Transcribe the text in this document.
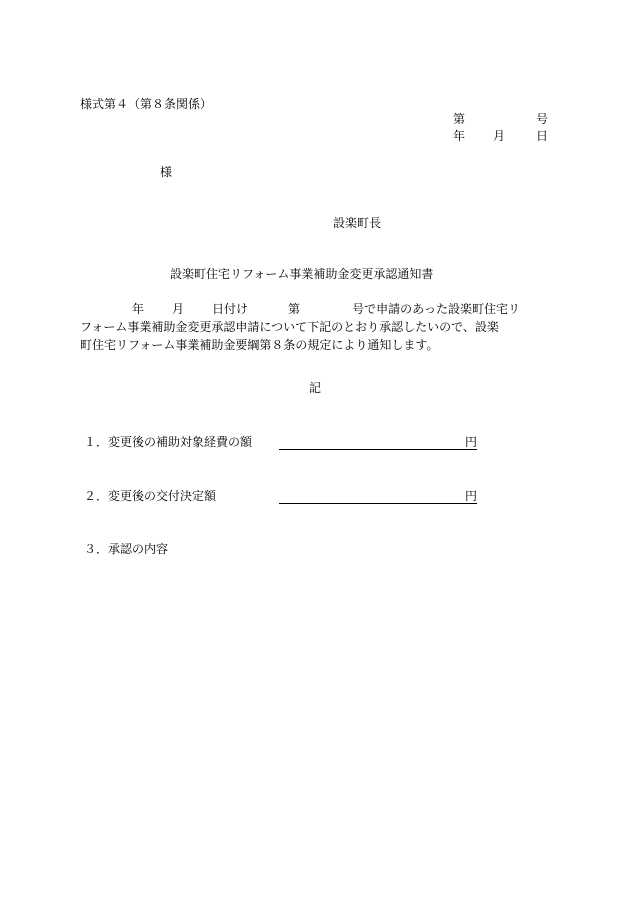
様式第４（第８条関係）
第	号
年 月	日
様
設楽町長
設楽町住宅リフォーム事業補助金変更承認通知書
年 月 日付け	第	号で申請のあった設楽町住宅リ
フォーム事業補助金変更承認申請について下記のとおり承認したいので、設楽
町住宅リフォーム事業補助金要綱第８条の規定により通知します。
記
１．変更後の補助対象経費の額	円
２．変更後の交付決定額	円
３．承認の内容
